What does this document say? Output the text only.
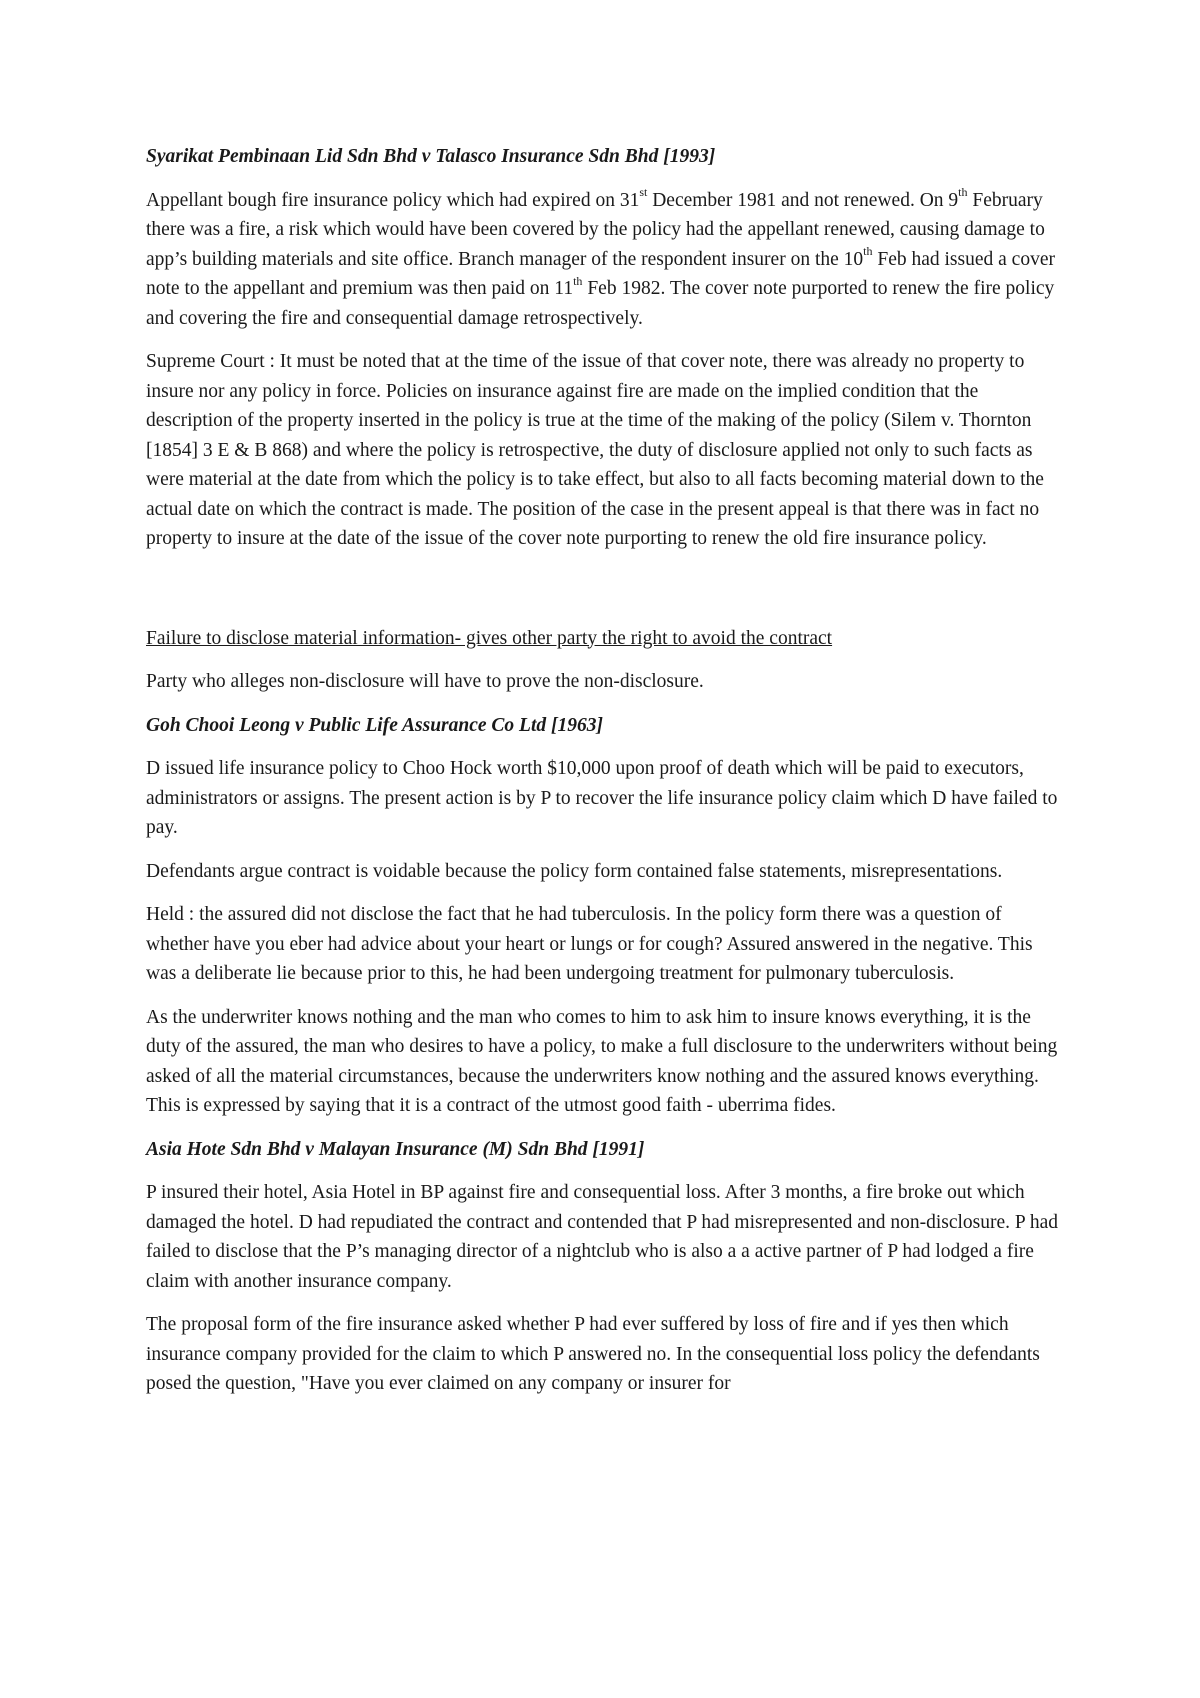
Syarikat Pembinaan Lid Sdn Bhd v Talasco Insurance Sdn Bhd [1993]

Appellant bough fire insurance policy which had expired on 31st December 1981 and not renewed. On 9th February there was a fire, a risk which would have been covered by the policy had the appellant renewed, causing damage to app’s building materials and site office. Branch manager of the respondent insurer on the 10th Feb had issued a cover note to the appellant and premium was then paid on 11th Feb 1982. The cover note purported to renew the fire policy and covering the fire and consequential damage retrospectively.

Supreme Court : It must be noted that at the time of the issue of that cover note, there was already no property to insure nor any policy in force. Policies on insurance against fire are made on the implied condition that the description of the property inserted in the policy is true at the time of the making of the policy (Silem v. Thornton [1854] 3 E & B 868) and where the policy is retrospective, the duty of disclosure applied not only to such facts as were material at the date from which the policy is to take effect, but also to all facts becoming material down to the actual date on which the contract is made. The position of the case in the present appeal is that there was in fact no property to insure at the date of the issue of the cover note purporting to renew the old fire insurance policy.

Failure to disclose material information- gives other party the right to avoid the contract

Party who alleges non-disclosure will have to prove the non-disclosure.

Goh Chooi Leong v Public Life Assurance Co Ltd [1963]

D issued life insurance policy to Choo Hock worth $10,000 upon proof of death which will be paid to executors, administrators or assigns. The present action is by P to recover the life insurance policy claim which D have failed to pay.

Defendants argue contract is voidable because the policy form contained false statements, misrepresentations.

Held : the assured did not disclose the fact that he had tuberculosis. In the policy form there was a question of whether have you eber had advice about your heart or lungs or for cough? Assured answered in the negative. This was a deliberate lie because prior to this, he had been undergoing treatment for pulmonary tuberculosis.

As the underwriter knows nothing and the man who comes to him to ask him to insure knows everything, it is the duty of the assured, the man who desires to have a policy, to make a full disclosure to the underwriters without being asked of all the material circumstances, because the underwriters know nothing and the assured knows everything. This is expressed by saying that it is a contract of the utmost good faith - uberrima fides.

Asia Hote Sdn Bhd v Malayan Insurance (M) Sdn Bhd [1991]

P insured their hotel, Asia Hotel in BP against fire and consequential loss. After 3 months, a fire broke out which damaged the hotel. D had repudiated the contract and contended that P had misrepresented and non-disclosure. P had failed to disclose that the P’s managing director of a nightclub who is also a a active partner of P had lodged a fire claim with another insurance company.

The proposal form of the fire insurance asked whether P had ever suffered by loss of fire and if yes then which insurance company provided for the claim to which P answered no. In the consequential loss policy the defendants posed the question, "Have you ever claimed on any company or insurer for
